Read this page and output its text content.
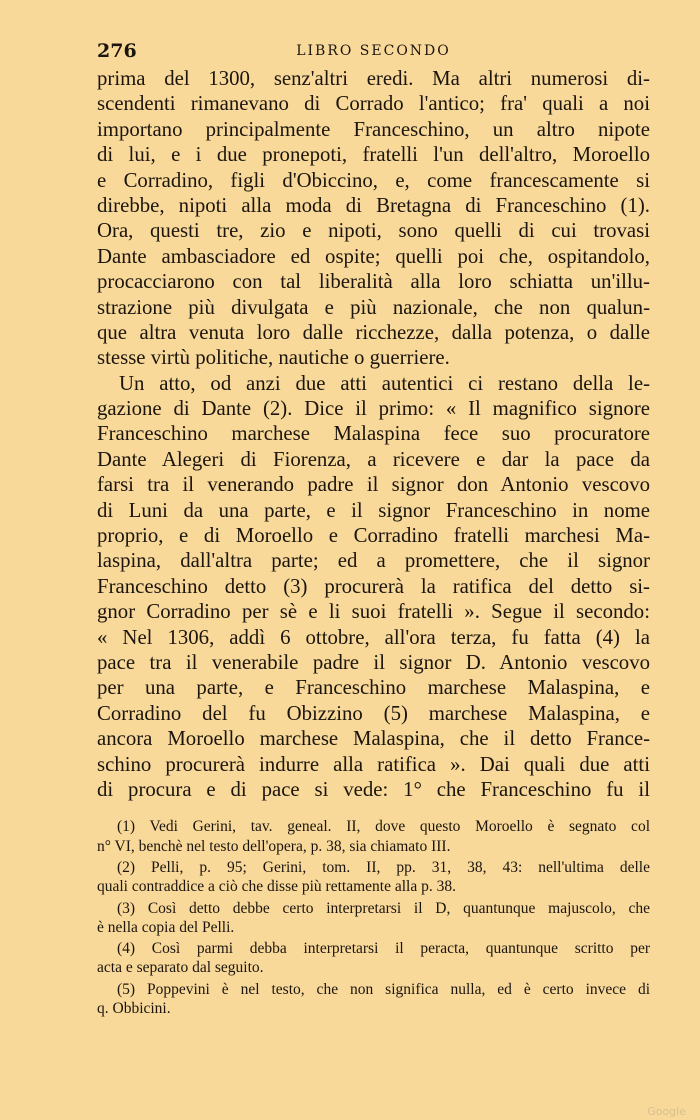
276	LIBRO SECONDO
prima del 1300, senz'altri eredi. Ma altri numerosi di-
scendenti rimanevano di Corrado l'antico; fra' quali a noi
importano principalmente Franceschino, un altro nipote
di lui, e i due pronepoti, fratelli l'un dell'altro, Moroello
e Corradino, figli d'Obiccino, e, come francescamente si
direbbe, nipoti alla moda di Bretagna di Franceschino (1).
Ora, questi tre, zio e nipoti, sono quelli di cui trovasi
Dante ambasciadore ed ospite; quelli poi che, ospitandolo,
procacciarono con tal liberalità alla loro schiatta un'illu-
strazione più divulgata e più nazionale, che non qualun-
que altra venuta loro dalle ricchezze, dalla potenza, o dalle
stesse virtù politiche, nautiche o guerriere.
Un atto, od anzi due atti autentici ci restano della le-
gazione di Dante (2). Dice il primo: « Il magnifico signore
Franceschino marchese Malaspina fece suo procuratore
Dante Alegeri di Fiorenza, a ricevere e dar la pace da
farsi tra il venerando padre il signor don Antonio vescovo
di Luni da una parte, e il signor Franceschino in nome
proprio, e di Moroello e Corradino fratelli marchesi Ma-
laspina, dall'altra parte; ed a promettere, che il signor
Franceschino detto (3) procurerà la ratifica del detto si-
gnor Corradino per sè e li suoi fratelli ». Segue il secondo:
« Nel 1306, addì 6 ottobre, all'ora terza, fu fatta (4) la
pace tra il venerabile padre il signor D. Antonio vescovo
per una parte, e Franceschino marchese Malaspina, e
Corradino del fu Obizzino (5) marchese Malaspina, e
ancora Moroello marchese Malaspina, che il detto France-
schino procurerà indurre alla ratifica ». Dai quali due atti
di procura e di pace si vede: 1° che Franceschino fu il
(1) Vedi Gerini, tav. geneal. II, dove questo Moroello è segnato col
n° VI, benchè nel testo dell'opera, p. 38, sia chiamato III.
(2) Pelli, p. 95; Gerini, tom. II, pp. 31, 38, 43: nell'ultima delle
quali contraddice a ciò che disse più rettamente alla p. 38.
(3) Così detto debbe certo interpretarsi il D, quantunque majuscolo, che
è nella copia del Pelli.
(4) Così parmi debba interpretarsi il peracta, quantunque scritto per
acta e separato dal seguito.
(5) Poppevini è nel testo, che non significa nulla, ed è certo invece di
q. Obbicini.
Google
